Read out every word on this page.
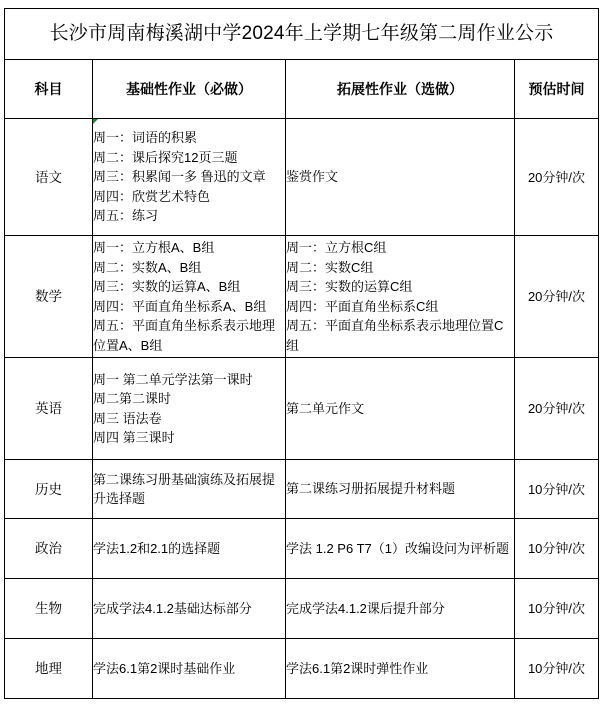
长沙市周南梅溪湖中学2024年上学期七年级第二周作业公示			
科目	基础性作业（必做）	拓展性作业（选做）	预估时间
语文	周一：词语的积累
周二：课后探究12页三题
周三：积累闻一多 鲁迅的文章
周四：欣赏艺术特色
周五：练习	鉴赏作文	20分钟/次
数学	周一：立方根A、B组
周二：实数A、B组
周三：实数的运算A、B组
周四：平面直角坐标系A、B组
周五：平面直角坐标系表示地理位置A、B组	周一：立方根C组
周二：实数C组
周三：实数的运算C组
周四：平面直角坐标系C组
周五：平面直角坐标系表示地理位置C组	20分钟/次
英语	周一 第二单元学法第一课时
周二第二课时
周三 语法卷
周四 第三课时	第二单元作文	20分钟/次
历史	第二课练习册基础演练及拓展提升选择题	第二课练习册拓展提升材料题	10分钟/次
政治	学法1.2和2.1的选择题	学法 1.2 P6 T7（1）改编设问为评析题	10分钟/次
生物	完成学法4.1.2基础达标部分	完成学法4.1.2课后提升部分	10分钟/次
地理	学法6.1第2课时基础作业	学法6.1第2课时弹性作业	10分钟/次
